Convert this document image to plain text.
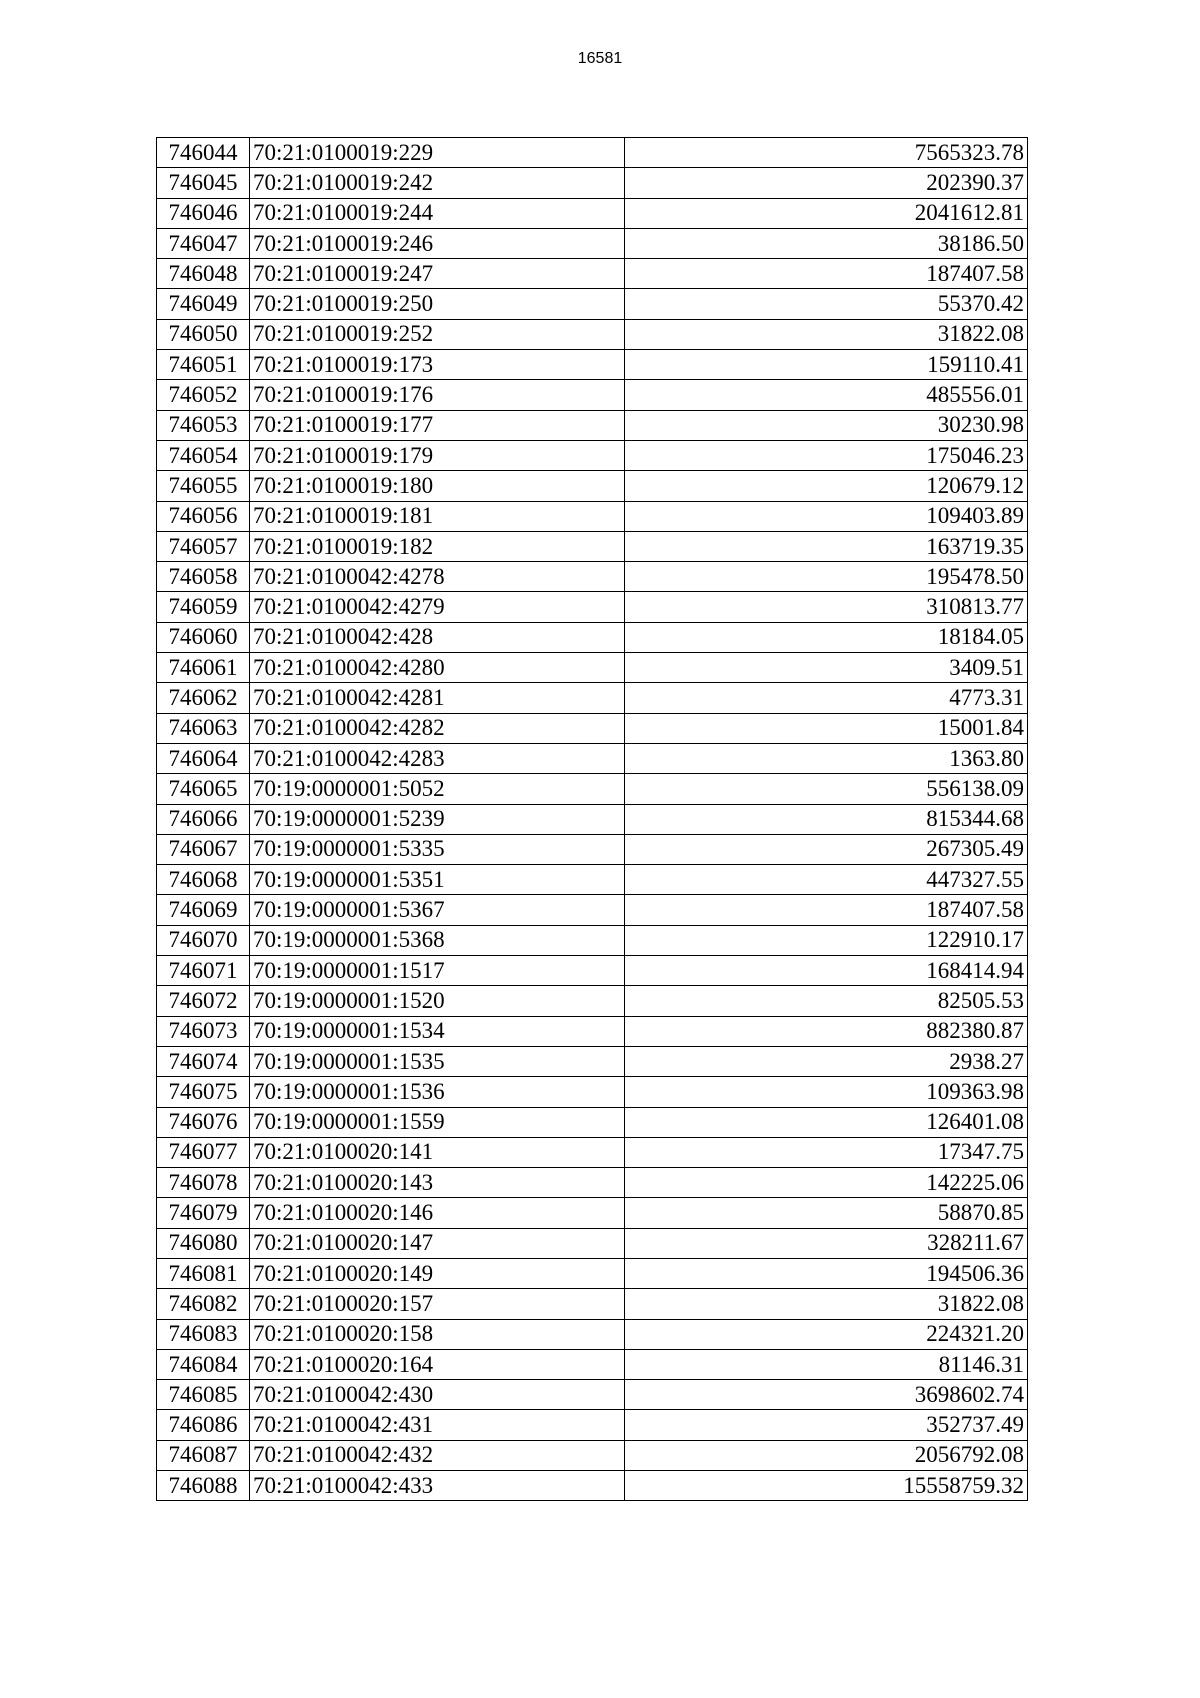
16581
746044	70:21:0100019:229	7565323.78
746045	70:21:0100019:242	202390.37
746046	70:21:0100019:244	2041612.81
746047	70:21:0100019:246	38186.50
746048	70:21:0100019:247	187407.58
746049	70:21:0100019:250	55370.42
746050	70:21:0100019:252	31822.08
746051	70:21:0100019:173	159110.41
746052	70:21:0100019:176	485556.01
746053	70:21:0100019:177	30230.98
746054	70:21:0100019:179	175046.23
746055	70:21:0100019:180	120679.12
746056	70:21:0100019:181	109403.89
746057	70:21:0100019:182	163719.35
746058	70:21:0100042:4278	195478.50
746059	70:21:0100042:4279	310813.77
746060	70:21:0100042:428	18184.05
746061	70:21:0100042:4280	3409.51
746062	70:21:0100042:4281	4773.31
746063	70:21:0100042:4282	15001.84
746064	70:21:0100042:4283	1363.80
746065	70:19:0000001:5052	556138.09
746066	70:19:0000001:5239	815344.68
746067	70:19:0000001:5335	267305.49
746068	70:19:0000001:5351	447327.55
746069	70:19:0000001:5367	187407.58
746070	70:19:0000001:5368	122910.17
746071	70:19:0000001:1517	168414.94
746072	70:19:0000001:1520	82505.53
746073	70:19:0000001:1534	882380.87
746074	70:19:0000001:1535	2938.27
746075	70:19:0000001:1536	109363.98
746076	70:19:0000001:1559	126401.08
746077	70:21:0100020:141	17347.75
746078	70:21:0100020:143	142225.06
746079	70:21:0100020:146	58870.85
746080	70:21:0100020:147	328211.67
746081	70:21:0100020:149	194506.36
746082	70:21:0100020:157	31822.08
746083	70:21:0100020:158	224321.20
746084	70:21:0100020:164	81146.31
746085	70:21:0100042:430	3698602.74
746086	70:21:0100042:431	352737.49
746087	70:21:0100042:432	2056792.08
746088	70:21:0100042:433	15558759.32
